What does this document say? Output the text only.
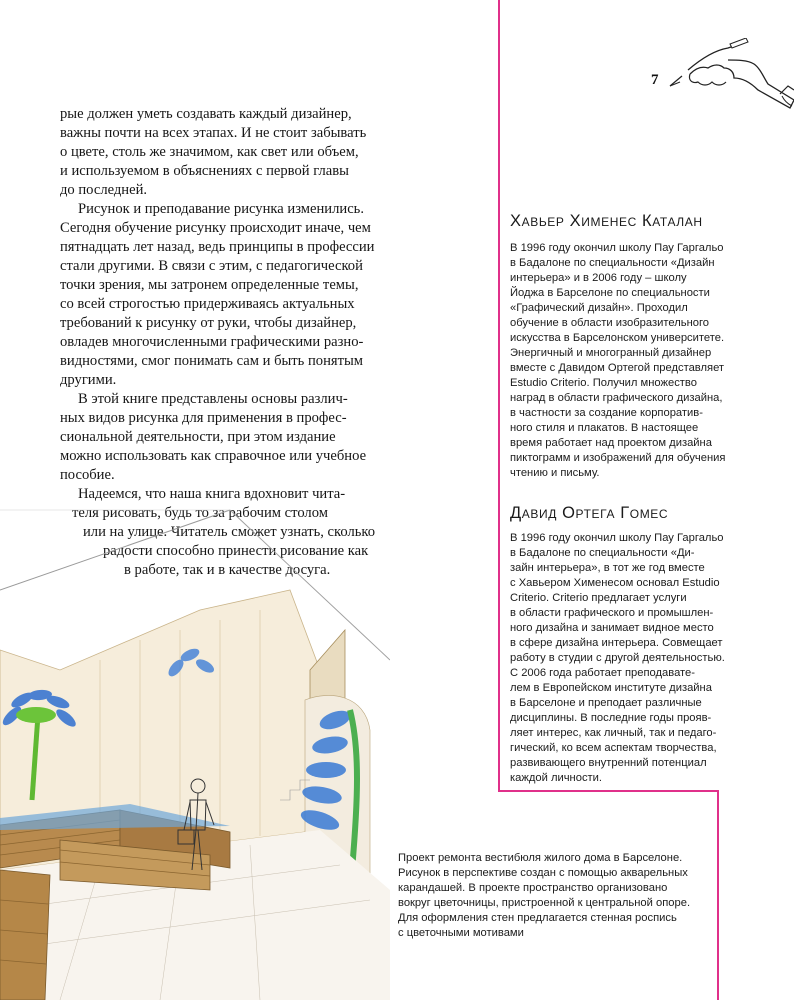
7
рые должен уметь создавать каждый дизайнер,
важны почти на всех этапах. И не стоит забывать
о цвете, столь же значимом, как свет или объем,
и используемом в объяснениях с первой главы
до последней.
Рисунок и преподавание рисунка изменились.
Сегодня обучение рисунку происходит иначе, чем
пятнадцать лет назад, ведь принципы в профессии
стали другими. В связи с этим, с педагогической
точки зрения, мы затронем определенные темы,
со всей строгостью придерживаясь актуальных
требований к рисунку от руки, чтобы дизайнер,
овладев многочисленными графическими разно-
видностями, смог понимать сам и быть понятым
другими.
В этой книге представлены основы различ-
ных видов рисунка для применения в профес-
сиональной деятельности, при этом издание
можно использовать как справочное или учебное
пособие.
Надеемся, что наша книга вдохновит чита-
теля рисовать, будь то за рабочим столом
или на улице. Читатель сможет узнать, сколько
радости способно принести рисование как
в работе, так и в качестве досуга.
Хавьер Хименес Каталан
В 1996 году окончил школу Пау Гаргальо
в Бадалоне по специальности «Дизайн
интерьера» и в 2006 году – школу
Йоджа в Барселоне по специальности
«Графический дизайн». Проходил
обучение в области изобразительного
искусства в Барселонском университете.
Энергичный и многогранный дизайнер
вместе с Давидом Ортегой представляет
Estudio Criterio. Получил множество
наград в области графического дизайна,
в частности за создание корпоратив-
ного стиля и плакатов. В настоящее
время работает над проектом дизайна
пиктограмм и изображений для обучения
чтению и письму.
Давид Ортега Гомес
В 1996 году окончил школу Пау Гаргальо
в Бадалоне по специальности «Ди-
зайн интерьера», в тот же год вместе
с Хавьером Хименесом основал Estudio
Criterio. Criterio предлагает услуги
в области графического и промышлен-
ного дизайна и занимает видное место
в сфере дизайна интерьера. Совмещает
работу в студии с другой деятельностью.
С 2006 года работает преподавате-
лем в Европейском институте дизайна
в Барселоне и преподает различные
дисциплины. В последние годы прояв-
ляет интерес, как личный, так и педаго-
гический, ко всем аспектам творчества,
развивающего внутренний потенциал
каждой личности.
Проект ремонта вестибюля жилого дома в Барселоне.
Рисунок в перспективе создан с помощью акварельных
карандашей. В проекте пространство организовано
вокруг цветочницы, пристроенной к центральной опоре.
Для оформления стен предлагается стенная роспись
с цветочными мотивами
